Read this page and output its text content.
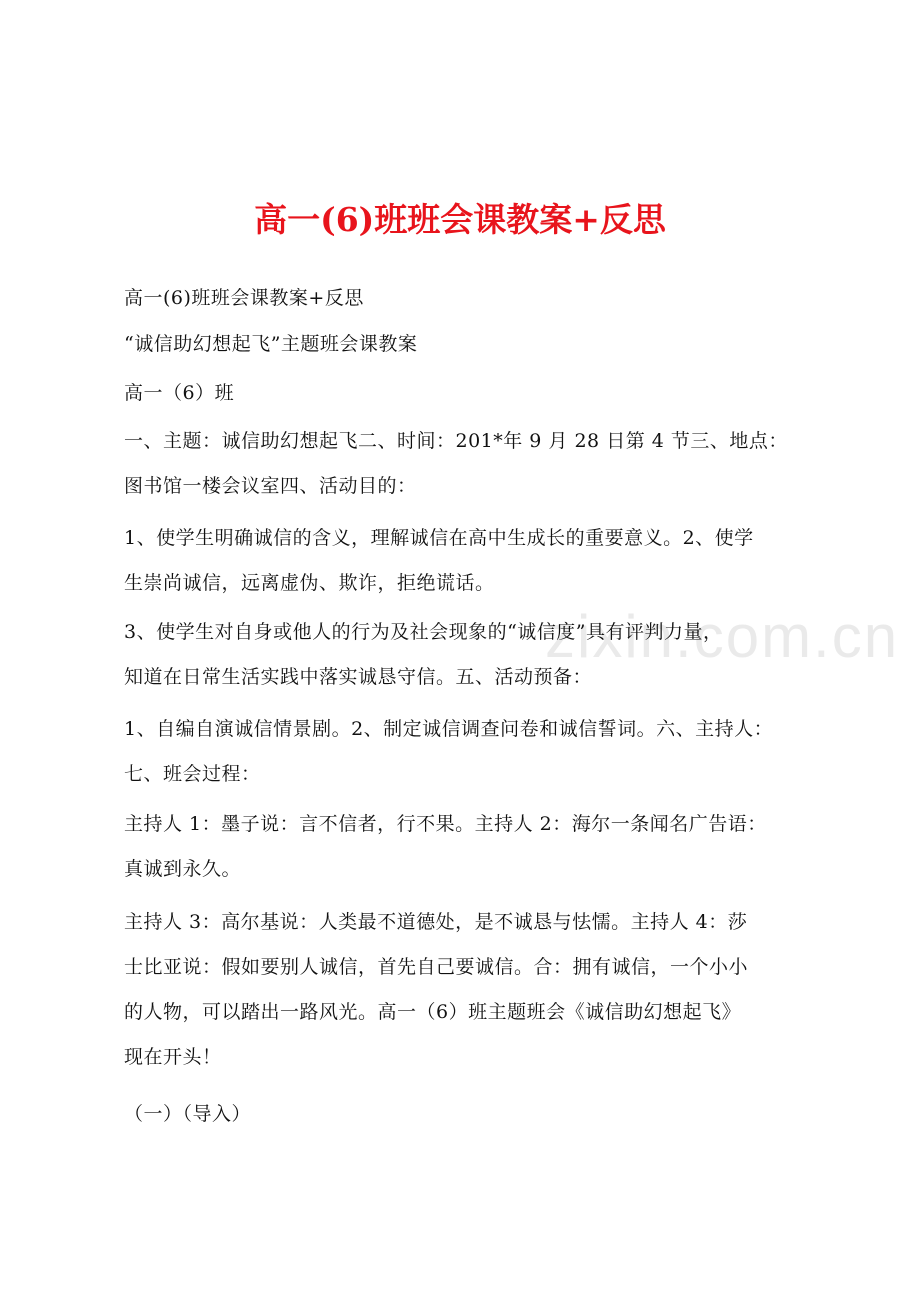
高一(6)班班会课教案+反思
zixin.com.cn

高一(6)班班会课教案+反思

“诚信助幻想起飞”主题班会课教案

高一（6）班

一、主题：诚信助幻想起飞二、时间：201*年 9 月 28 日第 4 节三、地点：
图书馆一楼会议室四、活动目的：

1、使学生明确诚信的含义，理解诚信在高中生成长的重要意义。2、使学
生崇尚诚信，远离虚伪、欺诈，拒绝谎话。

3、使学生对自身或他人的行为及社会现象的“诚信度”具有评判力量，
知道在日常生活实践中落实诚恳守信。五、活动预备：

1、自编自演诚信情景剧。2、制定诚信调查问卷和诚信誓词。六、主持人：
七、班会过程：

主持人 1：墨子说：言不信者，行不果。主持人 2：海尔一条闻名广告语：
真诚到永久。

主持人 3：高尔基说：人类最不道德处，是不诚恳与怯懦。主持人 4：莎
士比亚说：假如要别人诚信，首先自己要诚信。合：拥有诚信，一个小小
的人物，可以踏出一路风光。高一（6）班主题班会《诚信助幻想起飞》
现在开头！

（一）（导入）
